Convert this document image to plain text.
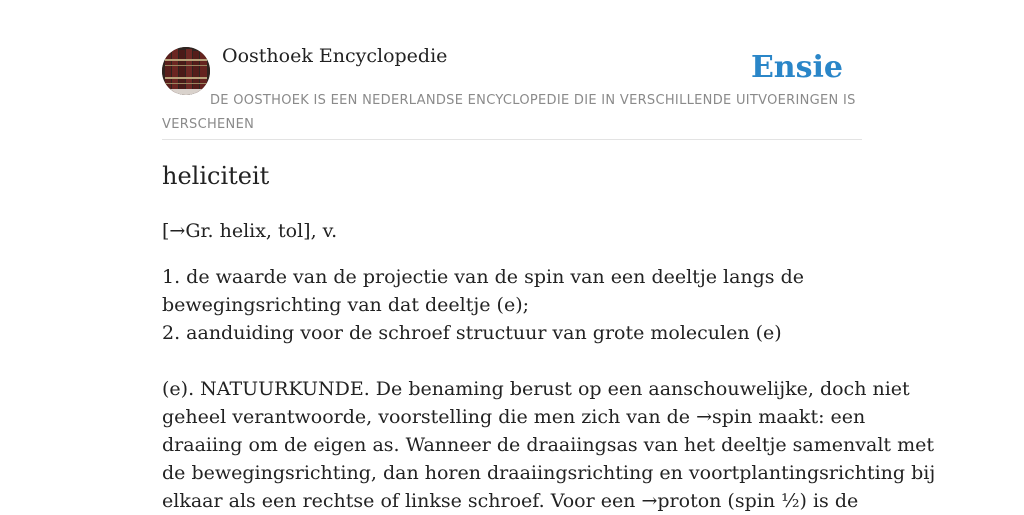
Oosthoek Encyclopedie	Ensie
DE OOSTHOEK IS EEN NEDERLANDSE ENCYCLOPEDIE DIE IN VERSCHILLENDE UITVOERINGEN IS VERSCHENEN
heliciteit
[→Gr. helix, tol], v.
1. de waarde van de projectie van de spin van een deeltje langs de
bewegingsrichting van dat deeltje (e);
2. aanduiding voor de schroef structuur van grote moleculen (e)
(e). NATUURKUNDE. De benaming berust op een aanschouwelijke, doch niet
geheel verantwoorde, voorstelling die men zich van de →spin maakt: een
draaiing om de eigen as. Wanneer de draaiingsas van het deeltje samenvalt met
de bewegingsrichting, dan horen draaiingsrichting en voortplantingsrichting bij
elkaar als een rechtse of linkse schroef. Voor een →proton (spin ½) is de
